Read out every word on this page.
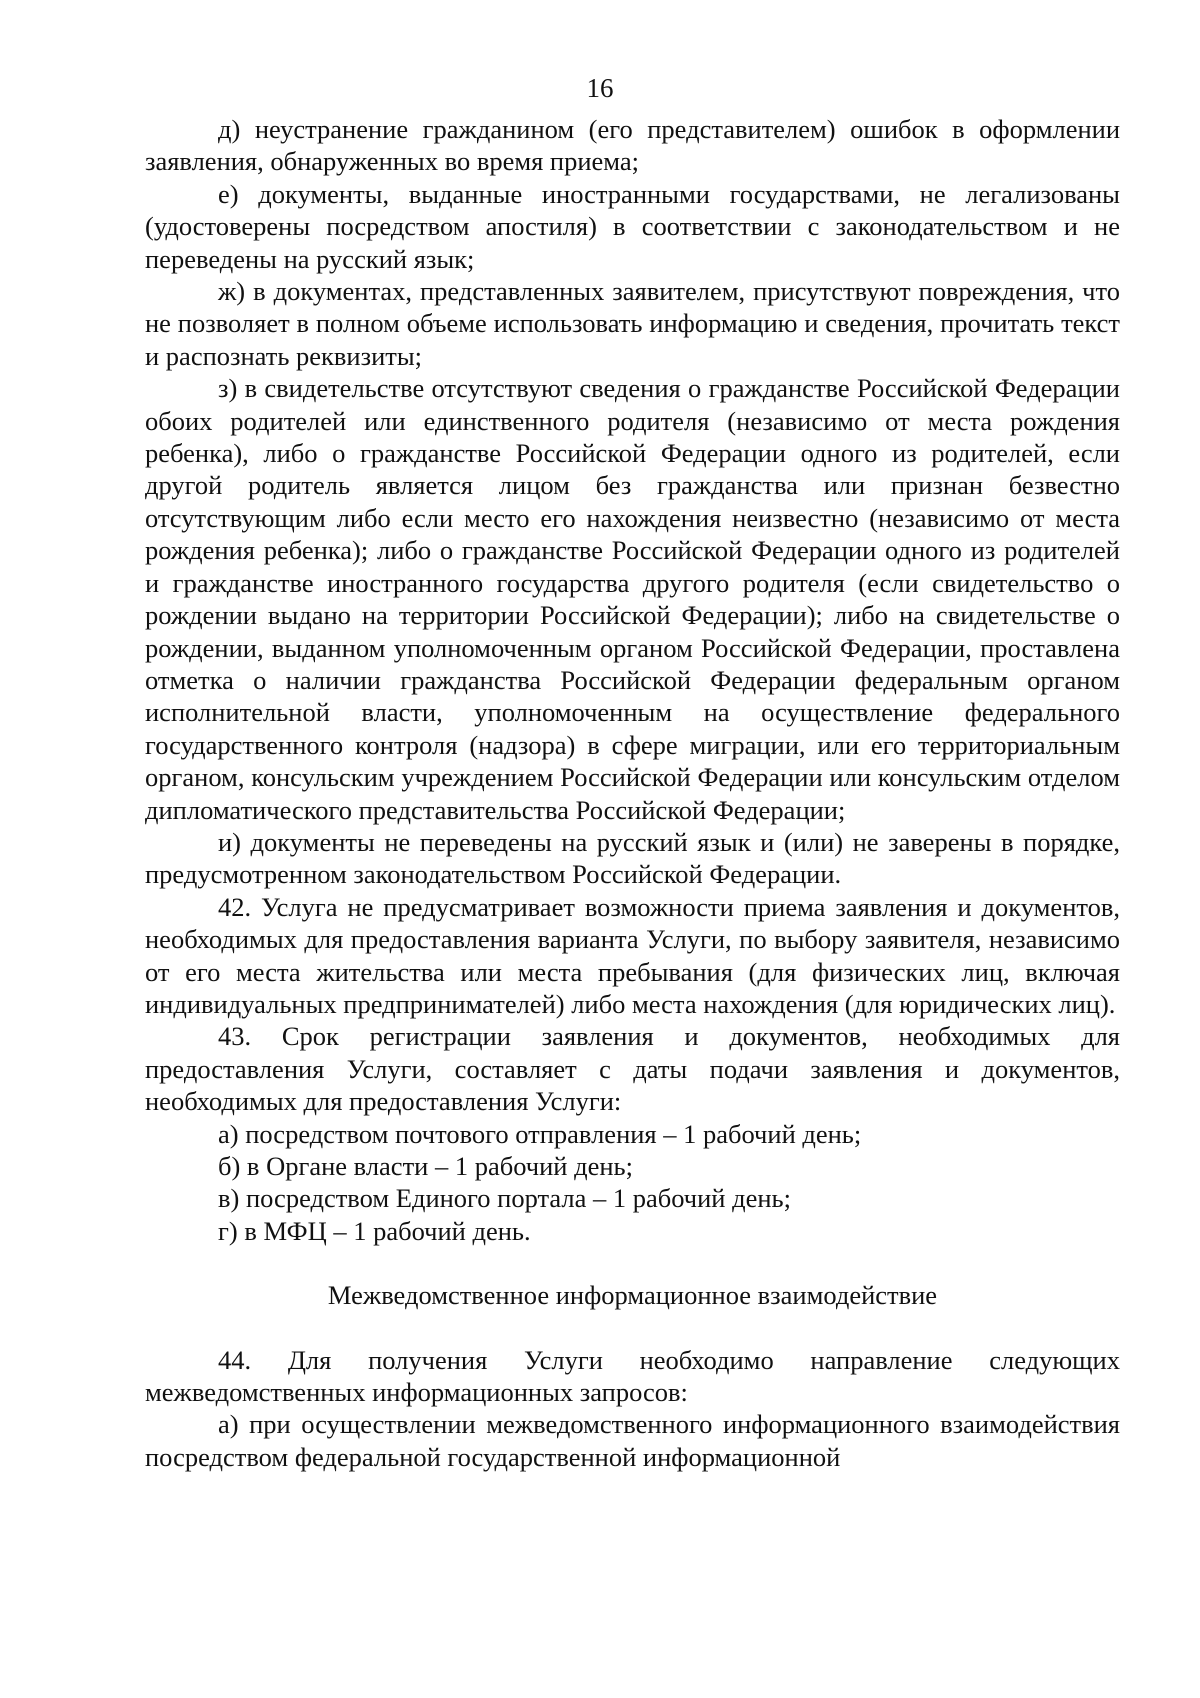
16

д) неустранение гражданином (его представителем) ошибок в оформлении заявления, обнаруженных во время приема;

е) документы, выданные иностранными государствами, не легализованы (удостоверены посредством апостиля) в соответствии с законодательством и не переведены на русский язык;

ж) в документах, представленных заявителем, присутствуют повреждения, что не позволяет в полном объеме использовать информацию и сведения, прочитать текст и распознать реквизиты;

з) в свидетельстве отсутствуют сведения о гражданстве Российской Федерации обоих родителей или единственного родителя (независимо от места рождения ребенка), либо о гражданстве Российской Федерации одного из родителей, если другой родитель является лицом без гражданства или признан безвестно отсутствующим либо если место его нахождения неизвестно (независимо от места рождения ребенка); либо о гражданстве Российской Федерации одного из родителей и гражданстве иностранного государства другого родителя (если свидетельство о рождении выдано на территории Российской Федерации); либо на свидетельстве о рождении, выданном уполномоченным органом Российской Федерации, проставлена отметка о наличии гражданства Российской Федерации федеральным органом исполнительной власти, уполномоченным на осуществление федерального государственного контроля (надзора) в сфере миграции, или его территориальным органом, консульским учреждением Российской Федерации или консульским отделом дипломатического представительства Российской Федерации;

и) документы не переведены на русский язык и (или) не заверены в порядке, предусмотренном законодательством Российской Федерации.

42. Услуга не предусматривает возможности приема заявления и документов, необходимых для предоставления варианта Услуги, по выбору заявителя, независимо от его места жительства или места пребывания (для физических лиц, включая индивидуальных предпринимателей) либо места нахождения (для юридических лиц).

43. Срок регистрации заявления и документов, необходимых для предоставления Услуги, составляет с даты подачи заявления и документов, необходимых для предоставления Услуги:

а) посредством почтового отправления – 1 рабочий день;

б) в Органе власти – 1 рабочий день;

в) посредством Единого портала – 1 рабочий день;

г) в МФЦ – 1 рабочий день.

Межведомственное информационное взаимодействие

44. Для получения Услуги необходимо направление следующих межведомственных информационных запросов:

а) при осуществлении межведомственного информационного взаимодействия посредством федеральной государственной информационной
